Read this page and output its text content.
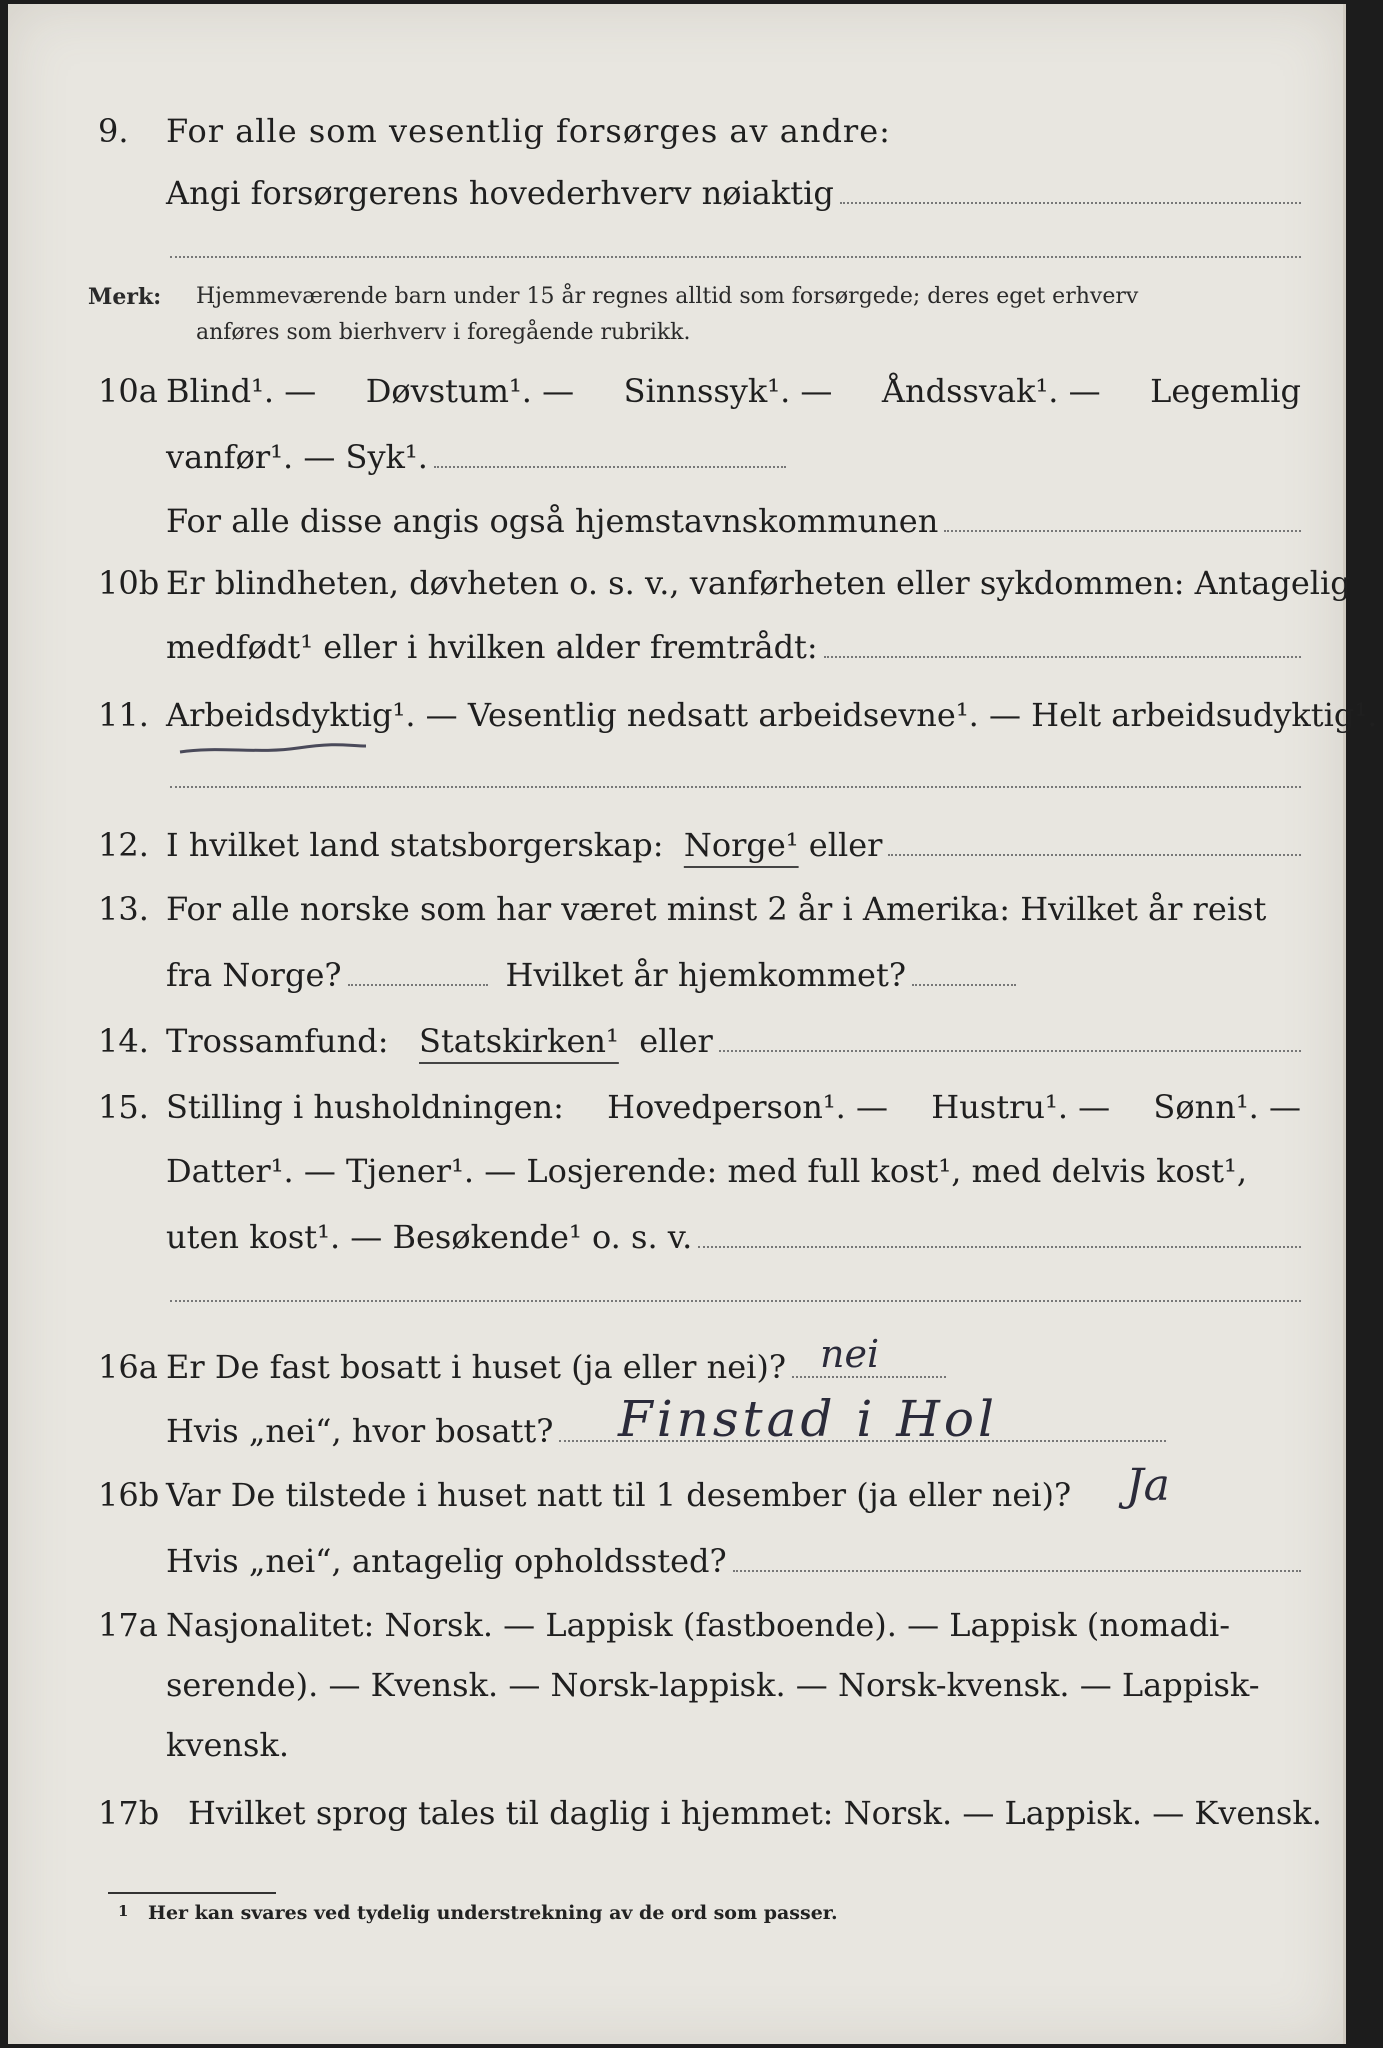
9. For alle som vesentlig forsørges av andre:
Angi forsørgerens hovederhverv nøiaktig
Merk: Hjemmeværende barn under 15 år regnes alltid som forsørgede; deres eget erhverv
anføres som bierhverv i foregående rubrikk.
10a Blind¹. — Døvstum¹. — Sinnssyk¹. — Åndssvak¹. — Legemlig
vanfør¹. — Syk¹.
For alle disse angis også hjemstavnskommunen
10b Er blindheten, døvheten o. s. v., vanførheten eller sykdommen: Antagelig
medfødt¹ eller i hvilken alder fremtrådt:
11. Arbeidsdyktig¹.
— Vesentlig nedsatt arbeidsevne¹. — Helt arbeidsudyktig¹.
12. I hvilket land statsborgerskap:
Norge¹
eller
13. For alle norske som har været minst 2 år i Amerika: Hvilket år reist
fra Norge?	Hvilket år hjemkommet?
14. Trossamfund:
Statskirken¹
eller
15. Stilling i husholdningen: Hovedperson¹. — Hustru¹. — Sønn¹. —
Datter¹. — Tjener¹. — Losjerende: med full kost¹, med delvis kost¹,
uten kost¹. — Besøkende¹ o. s. v.
16a Er De fast bosatt i huset (ja eller nei)? nei
Hvis „nei“, hvor bosatt? Finstad i Hol
16b Var De tilstede i huset natt til 1 desember (ja eller nei)? Ja
Hvis „nei“, antagelig opholdssted?
17a Nasjonalitet: Norsk. — Lappisk (fastboende). — Lappisk (nomadi-
serende). — Kvensk. — Norsk-lappisk. — Norsk-kvensk. — Lappisk-
kvensk.
17b Hvilket sprog tales til daglig i hjemmet: Norsk. — Lappisk. — Kvensk.
1 Her kan svares ved tydelig understrekning av de ord som passer.
